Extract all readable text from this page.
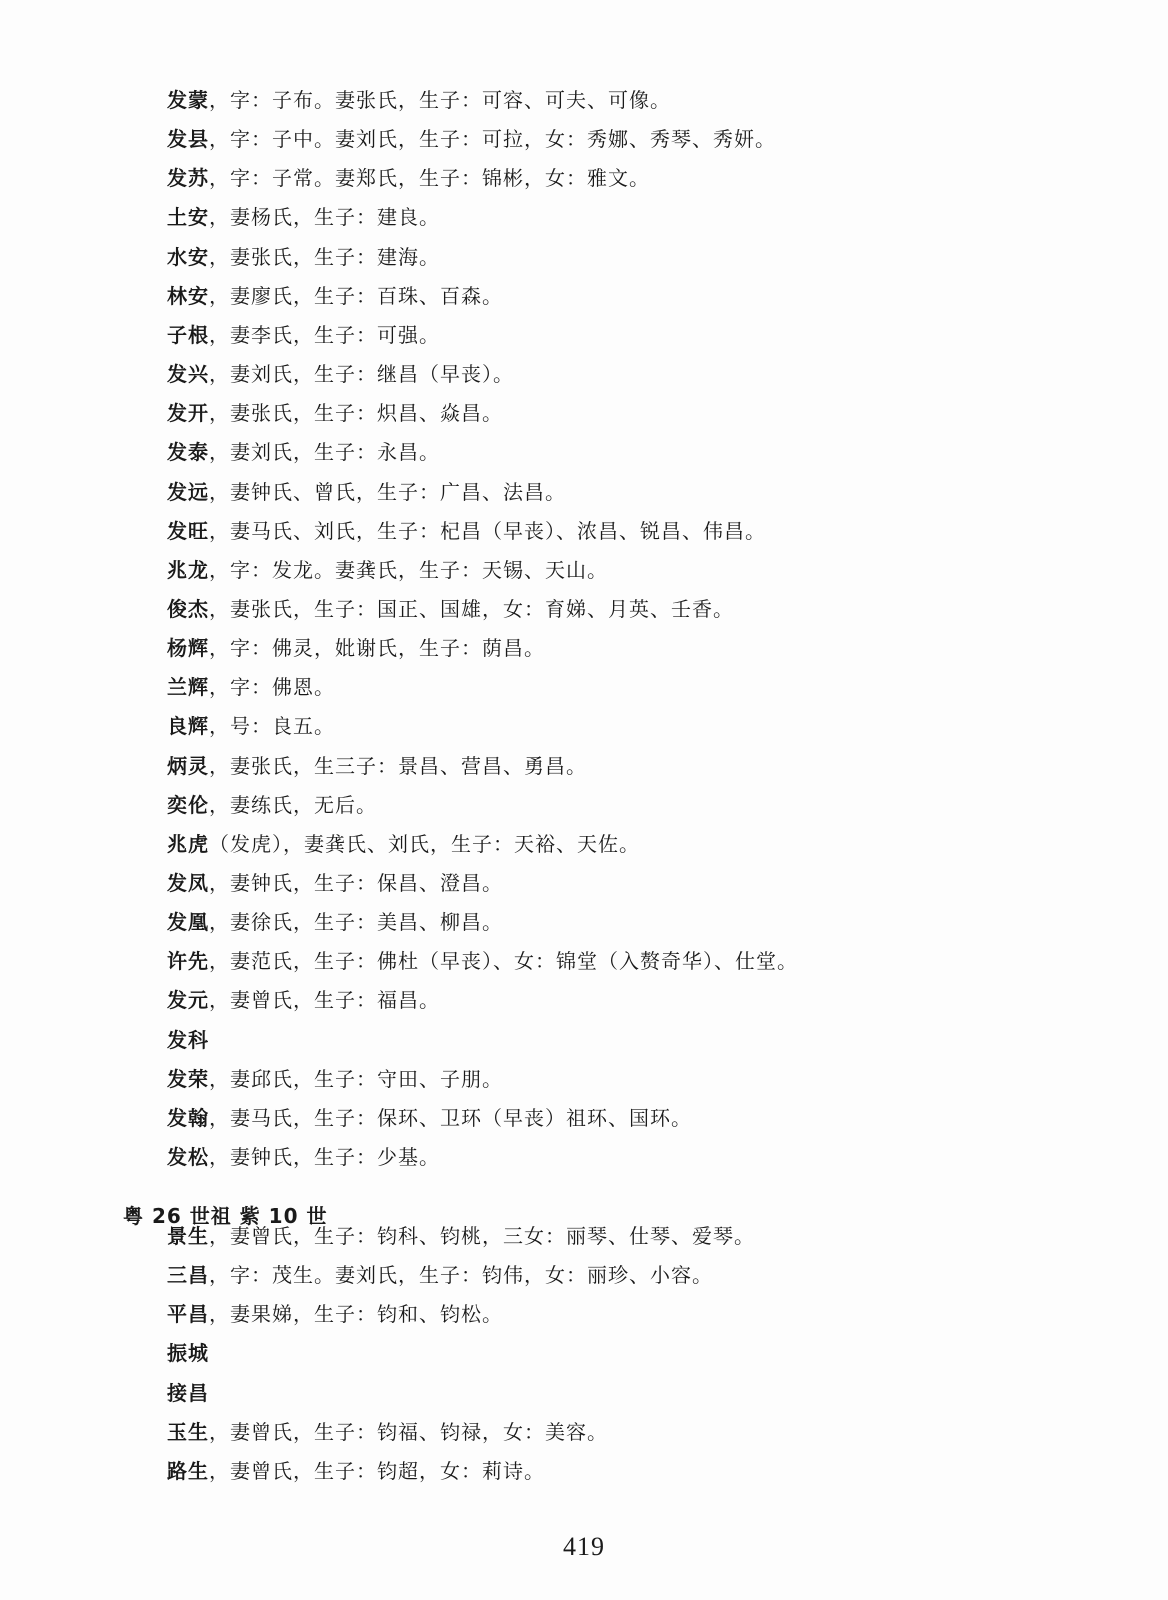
发蒙，字：子布。妻张氏，生子：可容、可夫、可像。
发县，字：子中。妻刘氏，生子：可拉，女：秀娜、秀琴、秀妍。
发苏，字：子常。妻郑氏，生子：锦彬，女：雅文。
土安，妻杨氏，生子：建良。
水安，妻张氏，生子：建海。
林安，妻廖氏，生子：百珠、百森。
子根，妻李氏，生子：可强。
发兴，妻刘氏，生子：继昌（早丧）。
发开，妻张氏，生子：炽昌、焱昌。
发泰，妻刘氏，生子：永昌。
发远，妻钟氏、曾氏，生子：广昌、法昌。
发旺，妻马氏、刘氏，生子：杞昌（早丧）、浓昌、锐昌、伟昌。
兆龙，字：发龙。妻龚氏，生子：天锡、天山。
俊杰，妻张氏，生子：国正、国雄，女：育娣、月英、壬香。
杨辉，字：佛灵，妣谢氏，生子：荫昌。
兰辉，字：佛恩。
良辉，号：良五。
炳灵，妻张氏，生三子：景昌、营昌、勇昌。
奕伦，妻练氏，无后。
兆虎（发虎），妻龚氏、刘氏，生子：天裕、天佐。
发凤，妻钟氏，生子：保昌、澄昌。
发凰，妻徐氏，生子：美昌、柳昌。
许先，妻范氏，生子：佛杜（早丧）、女：锦堂（入赘奇华）、仕堂。
发元，妻曾氏，生子：福昌。
发科
发荣，妻邱氏，生子：守田、子朋。
发翰，妻马氏，生子：保环、卫环（早丧）祖环、国环。
发松，妻钟氏，生子：少基。
粤 26 世祖 紫 10 世
景生，妻曾氏，生子：钧科、钧桃，三女：丽琴、仕琴、爱琴。
三昌，字：茂生。妻刘氏，生子：钧伟，女：丽珍、小容。
平昌，妻果娣，生子：钧和、钧松。
振城
接昌
玉生，妻曾氏，生子：钧福、钧禄，女：美容。
路生，妻曾氏，生子：钧超，女：莉诗。
419
